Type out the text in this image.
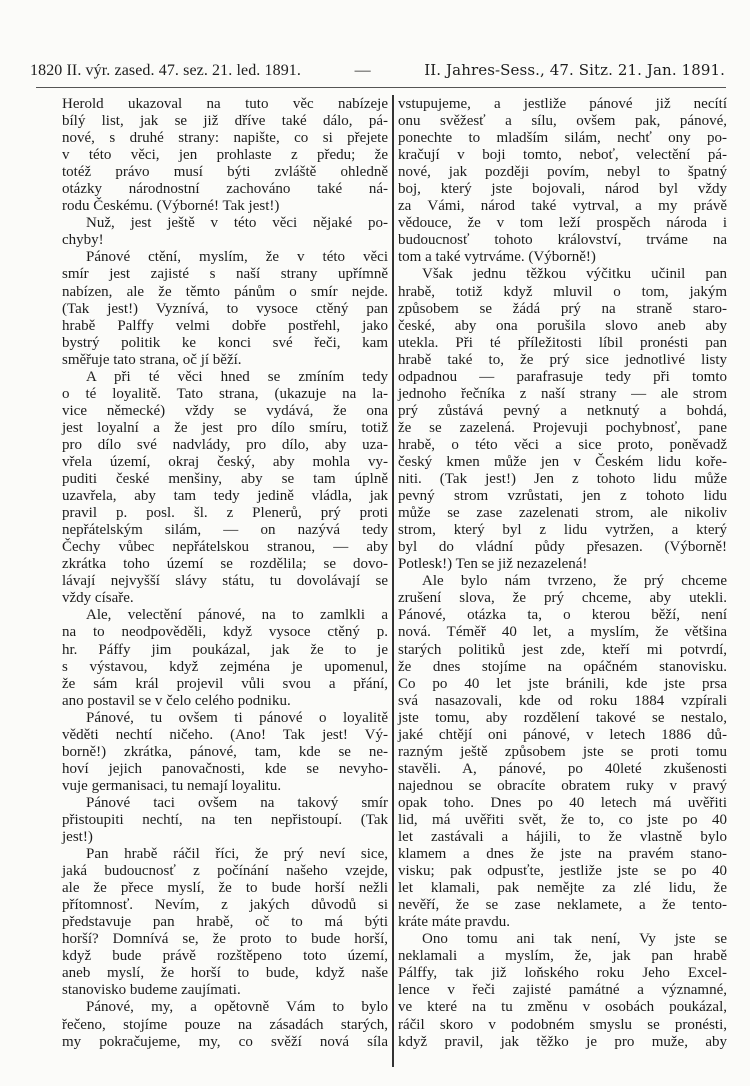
1820 II. výr. zased. 47. sez. 21. led. 1891.	—	II. Jahres-Sess., 47. Sitz. 21. Jan. 1891.
Herold ukazoval na tuto věc nabízeje
bílý list, jak se již dříve také dálo, pá-
nové, s druhé strany: napište, co si přejete
v této věci, jen prohlaste z předu; že
totéž právo musí býti zvláště ohledně
otázky národnostní zachováno také ná-
rodu Českému. (Výborné! Tak jest!)
Nuž, jest ještě v této věci nějaké po-
chyby!
Pánové ctění, myslím, že v této věci
smír jest zajisté s naší strany upřímně
nabízen, ale že těmto pánům o smír nejde.
(Tak jest!) Vyznívá, to vysoce ctěný pan
hrabě Palffy velmi dobře postřehl, jako
bystrý politik ke konci své řeči, kam
směřuje tato strana, oč jí běží.
A při té věci hned se zmíním tedy
o té loyalitě. Tato strana, (ukazuje na la-
vice německé) vždy se vydává, že ona
jest loyalní a že jest pro dílo smíru, totiž
pro dílo své nadvlády, pro dílo, aby uza-
vřela území, okraj český, aby mohla vy-
puditi české menšiny, aby se tam úplně
uzavřela, aby tam tedy jedině vládla, jak
pravil p. posl. šl. z Plenerů, prý proti
nepřátelským silám, — on nazývá tedy
Čechy vůbec nepřátelskou stranou, — aby
zkrátka toho území se rozdělila; se dovo-
lávají nejvyšší slávy státu, tu dovolávají se
vždy císaře.
Ale, velectění pánové, na to zamlkli a
na to neodpověděli, když vysoce ctěný p.
hr. Páffy jim poukázal, jak že to je
s výstavou, když zejména je upomenul,
že sám král projevil vůli svou a přání,
ano postavil se v čelo celého podniku.
Pánové, tu ovšem ti pánové o loyalitě
věděti nechtí ničeho. (Ano! Tak jest! Vý-
borně!) zkrátka, pánové, tam, kde se ne-
hoví jejich panovačnosti, kde se nevyho-
vuje germanisaci, tu nemají loyalitu.
Pánové taci ovšem na takový smír
přistoupiti nechtí, na ten nepřistoupí. (Tak
jest!)
Pan hrabě ráčil říci, že prý neví sice,
jaká budoucnosť z počínání našeho vzejde,
ale že přece myslí, že to bude horší nežli
přítomnosť. Nevím, z jakých důvodů si
představuje pan hrabě, oč to má býti
horší? Domnívá se, že proto to bude horší,
když bude právě rozštěpeno toto území,
aneb myslí, že horší to bude, když naše
stanovisko budeme zaujímati.
Pánové, my, a opětovně Vám to bylo
řečeno, stojíme pouze na zásadách starých,
my pokračujeme, my, co svěží nová síla
vstupujeme, a jestliže pánové již necítí
onu svěžesť a sílu, ovšem pak, pánové,
ponechte to mladším silám, nechť ony po-
kračují v boji tomto, neboť, velectění pá-
nové, jak později povím, nebyl to špatný
boj, který jste bojovali, národ byl vždy
za Vámi, národ také vytrval, a my právě
vědouce, že v tom leží prospěch národa i
budoucnosť tohoto království, trváme na
tom a také vytrváme. (Výborně!)
Však jednu těžkou výčitku učinil pan
hrabě, totiž když mluvil o tom, jakým
způsobem se žádá prý na straně staro-
české, aby ona porušila slovo aneb aby
utekla. Při té příležitosti líbil pronésti pan
hrabě také to, že prý sice jednotlivé listy
odpadnou — parafrasuje tedy při tomto
jednoho řečníka z naší strany — ale strom
prý zůstává pevný a netknutý a bohdá,
že se zazelená. Projevuji pochybnosť, pane
hrabě, o této věci a sice proto, poněvadž
český kmen může jen v Českém lidu koře-
niti. (Tak jest!) Jen z tohoto lidu může
pevný strom vzrůstati, jen z tohoto lidu
může se zase zazelenati strom, ale nikoliv
strom, který byl z lidu vytržen, a který
byl do vládní půdy přesazen. (Výborně!
Potlesk!) Ten se již nezazelená!
Ale bylo nám tvrzeno, že prý chceme
zrušení slova, že prý chceme, aby utekli.
Pánové, otázka ta, o kterou běží, není
nová. Téměř 40 let, a myslím, že většina
starých politiků jest zde, kteří mi potvrdí,
že dnes stojíme na opáčném stanovisku.
Co po 40 let jste bránili, kde jste prsa
svá nasazovali, kde od roku 1884 vzpírali
jste tomu, aby rozdělení takové se nestalo,
jaké chtějí oni pánové, v letech 1886 dů-
razným ještě způsobem jste se proti tomu
stavěli. A, pánové, po 40leté zkušenosti
najednou se obracíte obratem ruky v pravý
opak toho. Dnes po 40 letech má uvěřiti
lid, má uvěřiti svět, že to, co jste po 40
let zastávali a hájili, to že vlastně bylo
klamem a dnes že jste na pravém stano-
visku; pak odpusťte, jestliže jste se po 40
let klamali, pak nemějte za zlé lidu, že
nevěří, že se zase neklamete, a že tento-
kráte máte pravdu.
Ono tomu ani tak není, Vy jste se
neklamali a myslím, že, jak pan hrabě
Pálffy, tak již loňského roku Jeho Excel-
lence v řeči zajisté památné a významné,
ve které na tu změnu v osobách poukázal,
ráčil skoro v podobném smyslu se pronésti,
když pravil, jak těžko je pro muže, aby
